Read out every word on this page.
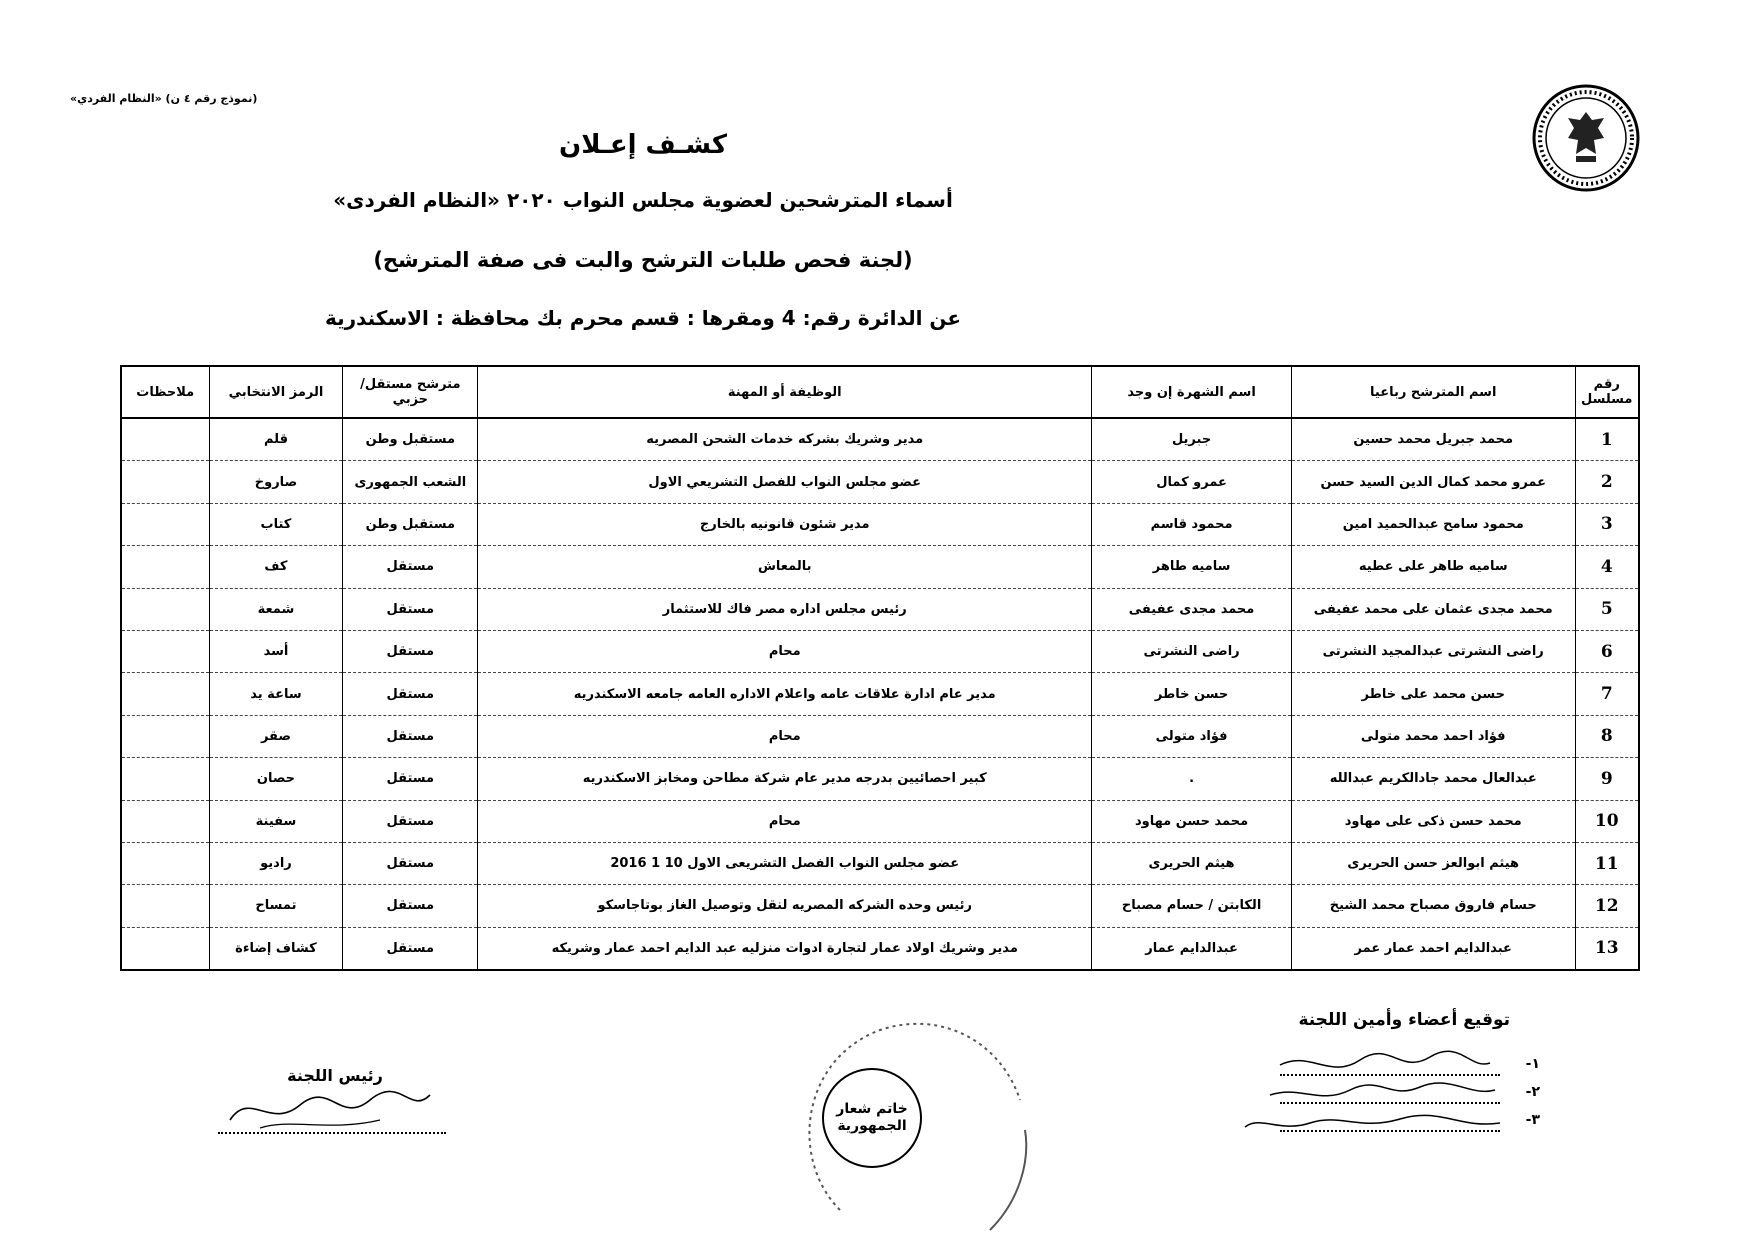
(نموذج رقم ٤ ن) «النظام الفردي»
كشـف إعـلان
أسماء المترشحين لعضوية مجلس النواب ٢٠٢٠ «النظام الفردى»
(لجنة فحص طلبات الترشح والبت فى صفة المترشح)
عن الدائرة رقم: 4 ومقرها : قسم محرم بك محافظة : الاسكندرية
رقم مسلسل	اسم المترشح رباعيا	اسم الشهرة إن وجد	الوظيفة أو المهنة	مترشح مستقل/حزبي	الرمز الانتخابي	ملاحظات
1	محمد جبريل محمد حسين	جبريل	مدير وشريك بشركه خدمات الشحن المصريه	مستقبل وطن	قلم	
2	عمرو محمد كمال الدين السيد حسن	عمرو كمال	عضو مجلس النواب للفصل التشريعي الاول	الشعب الجمهورى	صاروخ	
3	محمود سامح عبدالحميد امين	محمود قاسم	مدير شئون قانونيه بالخارج	مستقبل وطن	كتاب	
4	ساميه طاهر على عطيه	ساميه طاهر	بالمعاش	مستقل	كف	
5	محمد مجدى عثمان على محمد عفيفى	محمد مجدى عفيفى	رئيس مجلس اداره مصر فاك للاستثمار	مستقل	شمعة	
6	راضى النشرتى عبدالمجيد النشرتى	راضى النشرتى	محام	مستقل	أسد	
7	حسن محمد على خاطر	حسن خاطر	مدير عام ادارة علاقات عامه واعلام الاداره العامه جامعه الاسكندريه	مستقل	ساعة يد	
8	فؤاد احمد محمد متولى	فؤاد متولى	محام	مستقل	صقر	
9	عبدالعال محمد جادالكريم عبدالله	.	كبير احصائيين بدرجه مدير عام شركة مطاحن ومخابز الاسكندريه	مستقل	حصان	
10	محمد حسن ذكى على مهاود	محمد حسن مهاود	محام	مستقل	سفينة	
11	هيثم ابوالعز حسن الحريرى	هيثم الحريرى	عضو مجلس النواب الفصل التشريعى الاول 10 1 2016	مستقل	راديو	
12	حسام فاروق مصباح محمد الشيخ	الكابتن / حسام مصباح	رئيس وحده الشركه المصريه لنقل وتوصيل الغاز بوتاجاسكو	مستقل	تمساح	
13	عبدالدايم احمد عمار عمر	عبدالدايم عمار	مدير وشريك اولاد عمار لتجارة ادوات منزليه عبد الدايم احمد عمار وشريكه	مستقل	كشاف إضاءة	
توقيع أعضاء وأمين اللجنة
١-
٢-
٣-
رئيس اللجنة
خاتم شعار الجمهورية
